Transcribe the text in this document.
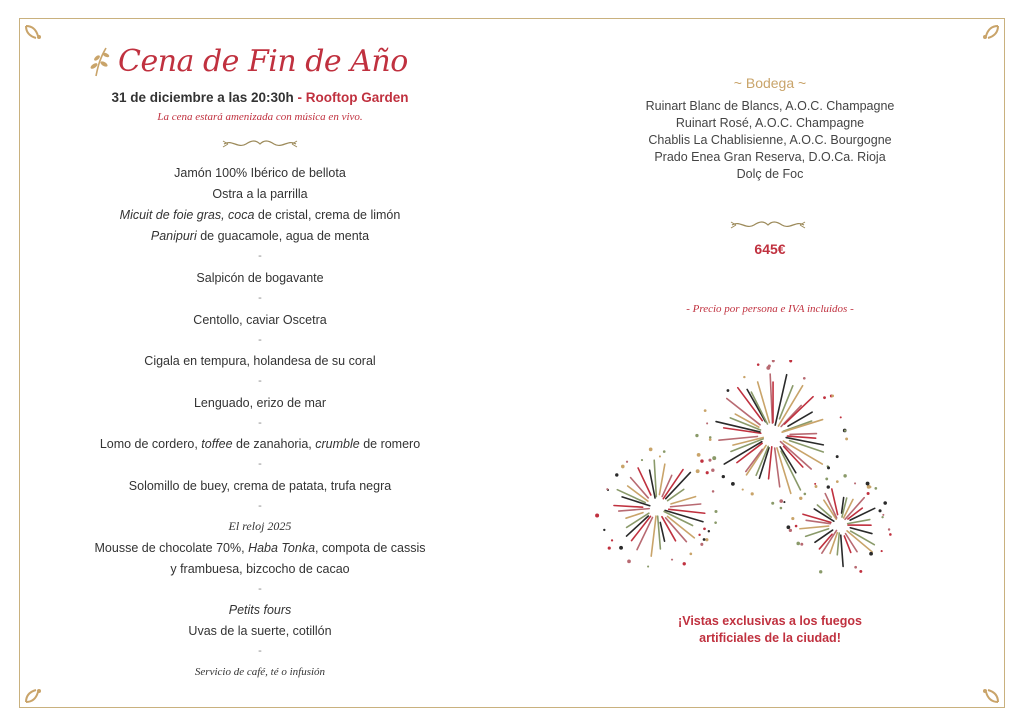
Cena de Fin de Año
31 de diciembre a las 20:30h - Rooftop Garden
La cena estará amenizada con música en vivo.
Jamón 100% Ibérico de bellota
Ostra a la parrilla
Micuit de foie gras, coca de cristal, crema de limón
Panipuri de guacamole, agua de menta
-
Salpicón de bogavante
-
Centollo, caviar Oscetra
-
Cigala en tempura, holandesa de su coral
-
Lenguado, erizo de mar
-
Lomo de cordero, toffee de zanahoria, crumble de romero
-
Solomillo de buey, crema de patata, trufa negra
-
El reloj 2025
Mousse de chocolate 70%, Haba Tonka, compota de cassis
y frambuesa, bizcocho de cacao
-
Petits fours
Uvas de la suerte, cotillón
-
Servicio de café, té o infusión
~ Bodega ~
Ruinart Blanc de Blancs, A.O.C. Champagne
Ruinart Rosé, A.O.C. Champagne
Chablis La Chablisienne, A.O.C. Bourgogne
Prado Enea Gran Reserva, D.O.Ca. Rioja
Dolç de Foc
645€
- Precio por persona e IVA incluidos -
¡Vistas exclusivas a los fuegos
artificiales de la ciudad!
